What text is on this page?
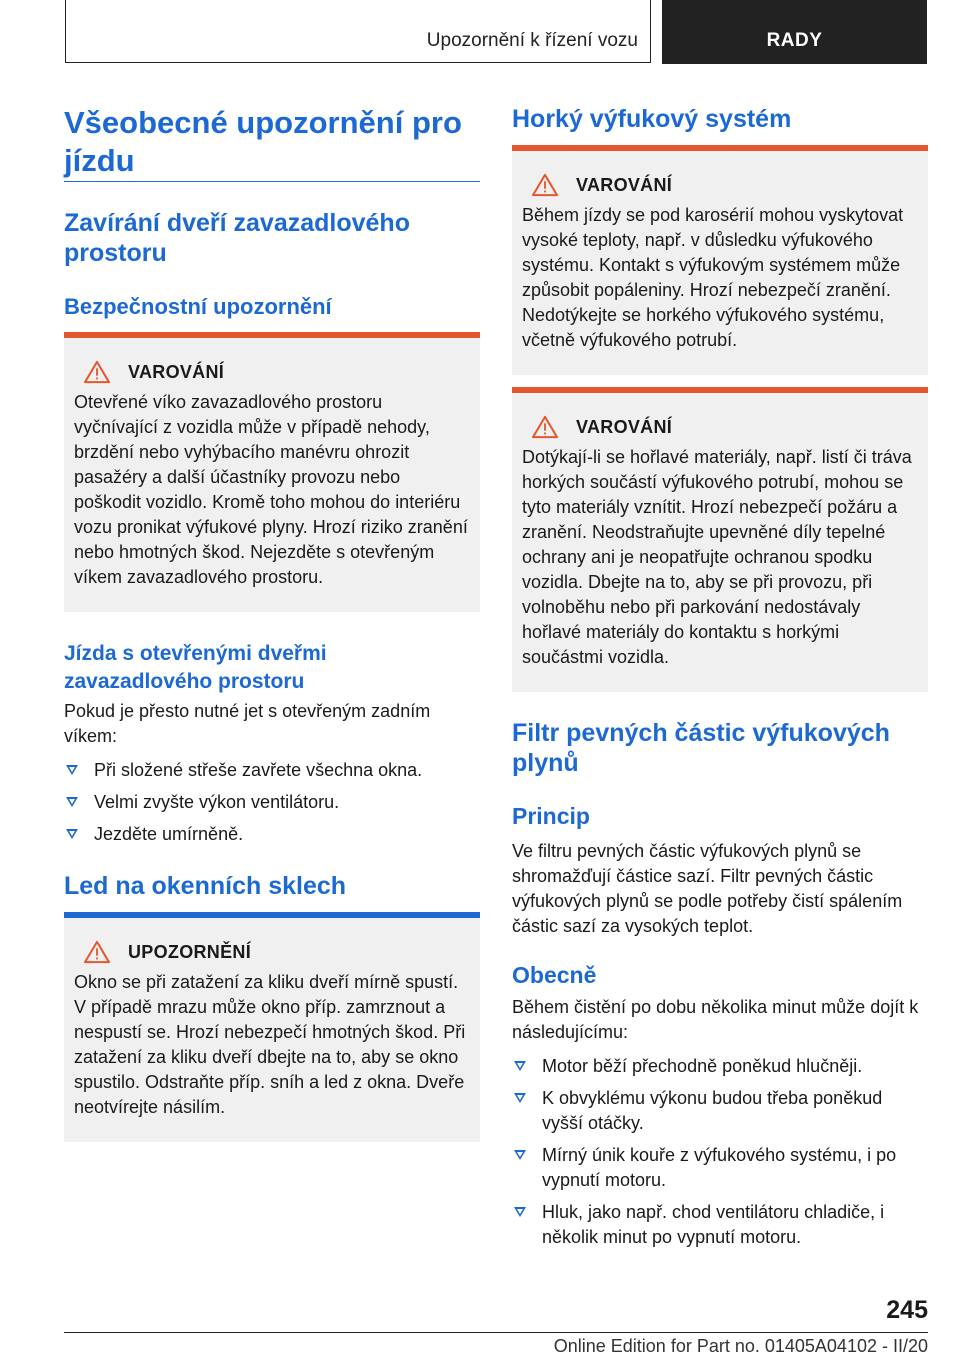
Upozornění k řízení vozu	RADY
Všeobecné upozornění pro jízdu
Zavírání dveří zavazadlového prostoru
Bezpečnostní upozornění
VAROVÁNÍ
Otevřené víko zavazadlového prostoru vyčnívající z vozidla může v případě nehody, brzdění nebo vyhýbacího manévru ohrozit pasažéry a další účastníky provozu nebo poškodit vozidlo. Kromě toho mohou do interiéru vozu pronikat výfukové plyny. Hrozí riziko zranění nebo hmotných škod. Nejezděte s otevřeným víkem zavazadlového prostoru.
Jízda s otevřenými dveřmi zavazadlového prostoru

Pokud je přesto nutné jet s otevřeným zadním víkem:

Při složené střeše zavřete všechna okna.
Velmi zvyšte výkon ventilátoru.
Jezděte umírněně.
Led na okenních sklech
UPOZORNĚNÍ
Okno se při zatažení za kliku dveří mírně spustí. V případě mrazu může okno příp. zamrznout a nespustí se. Hrozí nebezpečí hmotných škod. Při zatažení za kliku dveří dbejte na to, aby se okno spustilo. Odstraňte příp. sníh a led z okna. Dveře neotvírejte násilím.
Horký výfukový systém
VAROVÁNÍ
Během jízdy se pod karosérií mohou vyskytovat vysoké teploty, např. v důsledku výfukového systému. Kontakt s výfukovým systémem může způsobit popáleniny. Hrozí nebezpečí zranění. Nedotýkejte se horkého výfukového systému, včetně výfukového potrubí.
VAROVÁNÍ
Dotýkají-li se hořlavé materiály, např. listí či tráva horkých součástí výfukového potrubí, mohou se tyto materiály vznítit. Hrozí nebezpečí požáru a zranění. Neodstraňujte upevněné díly tepelné ochrany ani je neopatřujte ochranou spodku vozidla. Dbejte na to, aby se při provozu, při volnoběhu nebo při parkování nedostávaly hořlavé materiály do kontaktu s horkými součástmi vozidla.
Filtr pevných částic výfukových plynů
Princip

Ve filtru pevných částic výfukových plynů se shromažďují částice sazí. Filtr pevných částic výfukových plynů se podle potřeby čistí spálením částic sazí za vysokých teplot.

Obecně

Během čistění po dobu několika minut může dojít k následujícímu:

Motor běží přechodně poněkud hlučněji.
K obvyklému výkonu budou třeba poněkud vyšší otáčky.
Mírný únik kouře z výfukového systému, i po vypnutí motoru.
Hluk, jako např. chod ventilátoru chladiče, i několik minut po vypnutí motoru.
245
Online Edition for Part no. 01405A04102 - II/20
